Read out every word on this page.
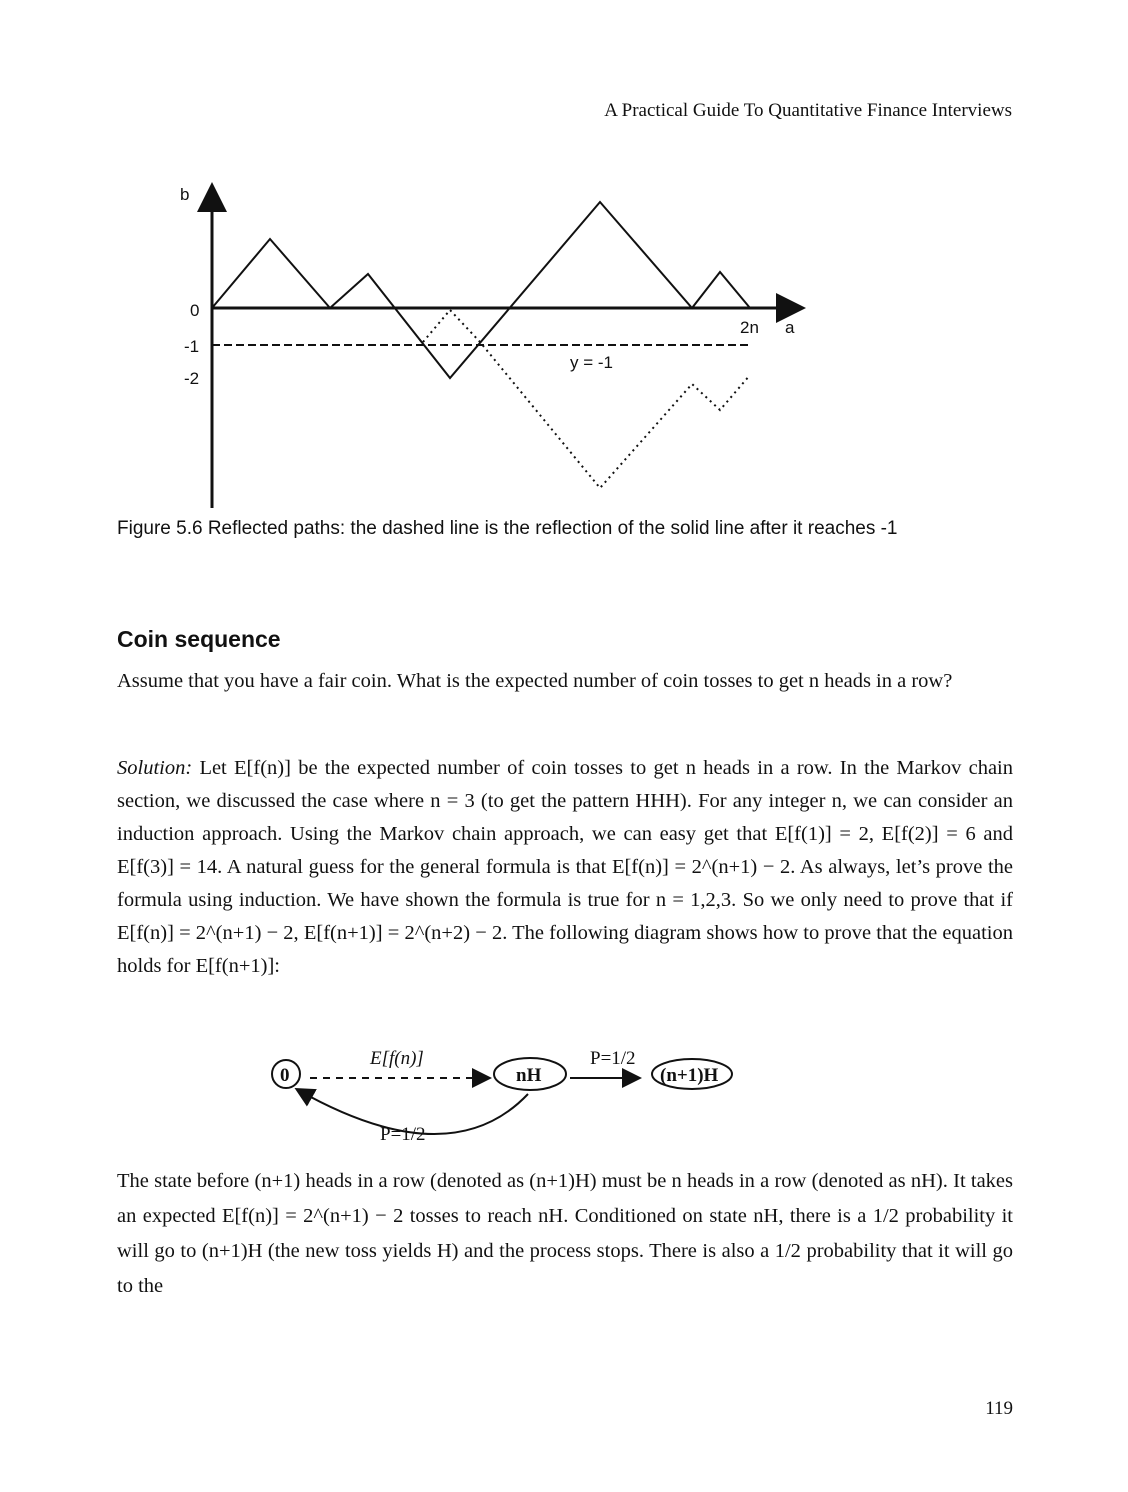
A Practical Guide To Quantitative Finance Interviews
b
0
-1
-2
2n a
y = -1
Figure 5.6 Reflected paths: the dashed line is the reflection of the solid line after it reaches -1
Coin sequence
Assume that you have a fair coin. What is the expected number of coin tosses to get n heads in a row?

Solution: Let E[f(n)] be the expected number of coin tosses to get n heads in a row. In the Markov chain section, we discussed the case where n = 3 (to get the pattern HHH). For any integer n, we can consider an induction approach. Using the Markov chain approach, we can easy get that E[f(1)] = 2, E[f(2)] = 6 and E[f(3)] = 14. A natural guess for the general formula is that E[f(n)] = 2^(n+1) − 2. As always, let’s prove the formula using induction. We have shown the formula is true for n = 1,2,3. So we only need to prove that if E[f(n)] = 2^(n+1) − 2, E[f(n+1)] = 2^(n+2) − 2. The following diagram shows how to prove that the equation holds for E[f(n+1)]:

0
E[f(n)]
nH
P=1/2
(n+1)H
P=1/2
The state before (n+1) heads in a row (denoted as (n+1)H) must be n heads in a row (denoted as nH). It takes an expected E[f(n)] = 2^(n+1) − 2 tosses to reach nH. Conditioned on state nH, there is a 1/2 probability it will go to (n+1)H (the new toss yields H) and the process stops. There is also a 1/2 probability that it will go to the
119
